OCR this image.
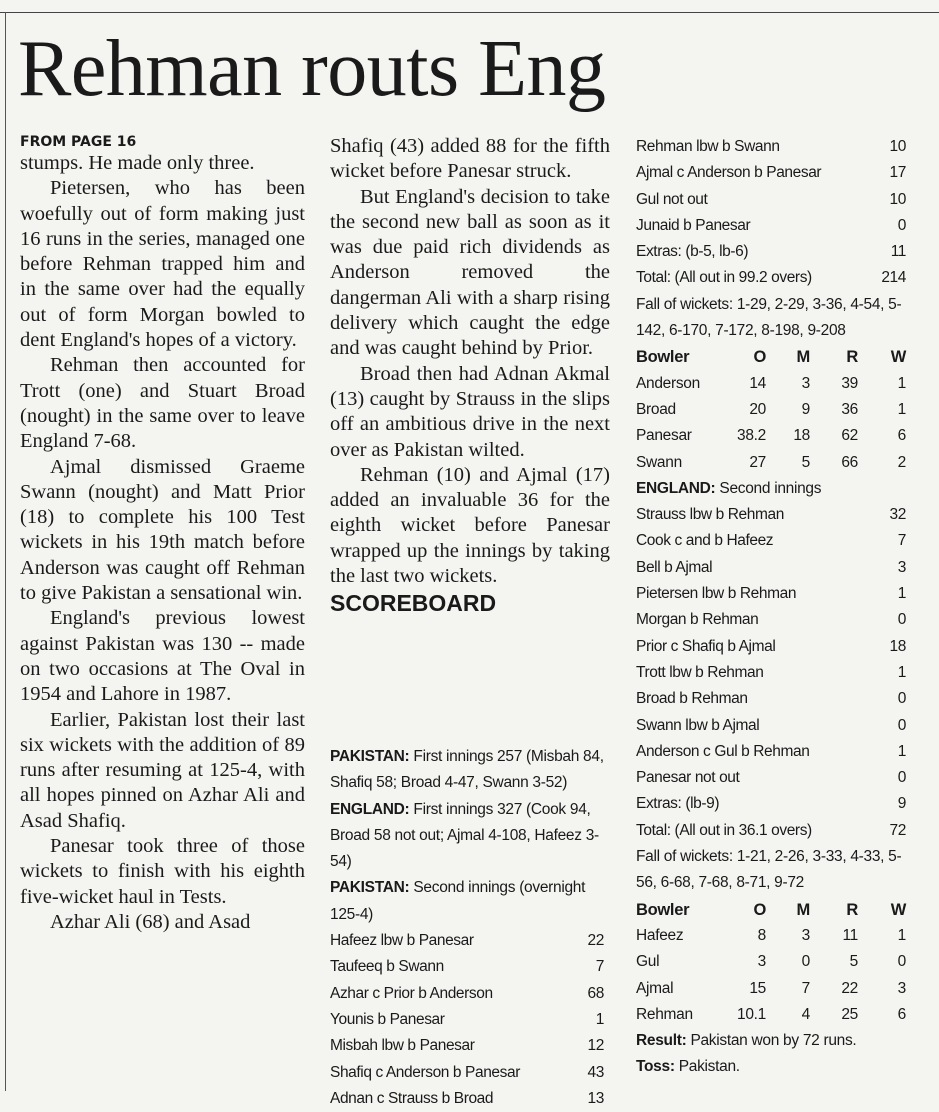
Rehman routs Eng
FROM PAGE 16

stumps. He made only three.

Pietersen, who has been woefully out of form making just 16 runs in the series, managed one before Rehman trapped him and in the same over had the equally out of form Morgan bowled to dent England's hopes of a victory.

Rehman then accounted for Trott (one) and Stuart Broad (nought) in the same over to leave England 7-68.

Ajmal dismissed Graeme Swann (nought) and Matt Prior (18) to complete his 100 Test wickets in his 19th match before Anderson was caught off Rehman to give Pakistan a sensational win.

England's previous lowest against Pakistan was 130 -- made on two occasions at The Oval in 1954 and Lahore in 1987.

Earlier, Pakistan lost their last six wickets with the addition of 89 runs after resuming at 125-4, with all hopes pinned on Azhar Ali and Asad Shafiq.

Panesar took three of those wickets to finish with his eighth five-wicket haul in Tests.

Azhar Ali (68) and Asad

Shafiq (43) added 88 for the fifth wicket before Panesar struck.

But England's decision to take the second new ball as soon as it was due paid rich dividends as Anderson removed the dangerman Ali with a sharp rising delivery which caught the edge and was caught behind by Prior.

Broad then had Adnan Akmal (13) caught by Strauss in the slips off an ambitious drive in the next over as Pakistan wilted.

Rehman (10) and Ajmal (17) added an invaluable 36 for the eighth wicket before Panesar wrapped up the innings by taking the last two wickets.

SCOREBOARD

PAKISTAN: First innings 257 (Misbah 84, Shafiq 58; Broad 4-47, Swann 3-52)

ENGLAND: First innings 327 (Cook 94, Broad 58 not out; Ajmal 4-108, Hafeez 3-54)

PAKISTAN: Second innings (overnight 125-4)

Hafeez lbw b Panesar	22
Taufeeq b Swann	7
Azhar c Prior b Anderson	68
Younis b Panesar	1
Misbah lbw b Panesar	12
Shafiq c Anderson b Panesar	43
Adnan c Strauss b Broad	13
Rehman lbw b Swann	10
Ajmal c Anderson b Panesar	17
Gul not out	10
Junaid b Panesar	0
Extras: (b-5, lb-6)	11
Total: (All out in 99.2 overs)	214

Fall of wickets: 1-29, 2-29, 3-36, 4-54, 5-142, 6-170, 7-172, 8-198, 9-208

Bowler	O	M	R	W
Anderson	14	3	39	1
Broad	20	9	36	1
Panesar	38.2	18	62	6
Swann	27	5	66	2
ENGLAND: Second innings
Strauss lbw b Rehman	32
Cook c and b Hafeez	7
Bell b Ajmal	3
Pietersen lbw b Rehman	1
Morgan b Rehman	0
Prior c Shafiq b Ajmal	18
Trott lbw b Rehman	1
Broad b Rehman	0
Swann lbw b Ajmal	0
Anderson c Gul b Rehman	1
Panesar not out	0
Extras: (lb-9)	9
Total: (All out in 36.1 overs)	72

Fall of wickets: 1-21, 2-26, 3-33, 4-33, 5-56, 6-68, 7-68, 8-71, 9-72

Bowler	O	M	R	W
Hafeez	8	3	11	1
Gul	3	0	5	0
Ajmal	15	7	22	3
Rehman	10.1	4	25	6
Result: Pakistan won by 72 runs.
Toss: Pakistan.
